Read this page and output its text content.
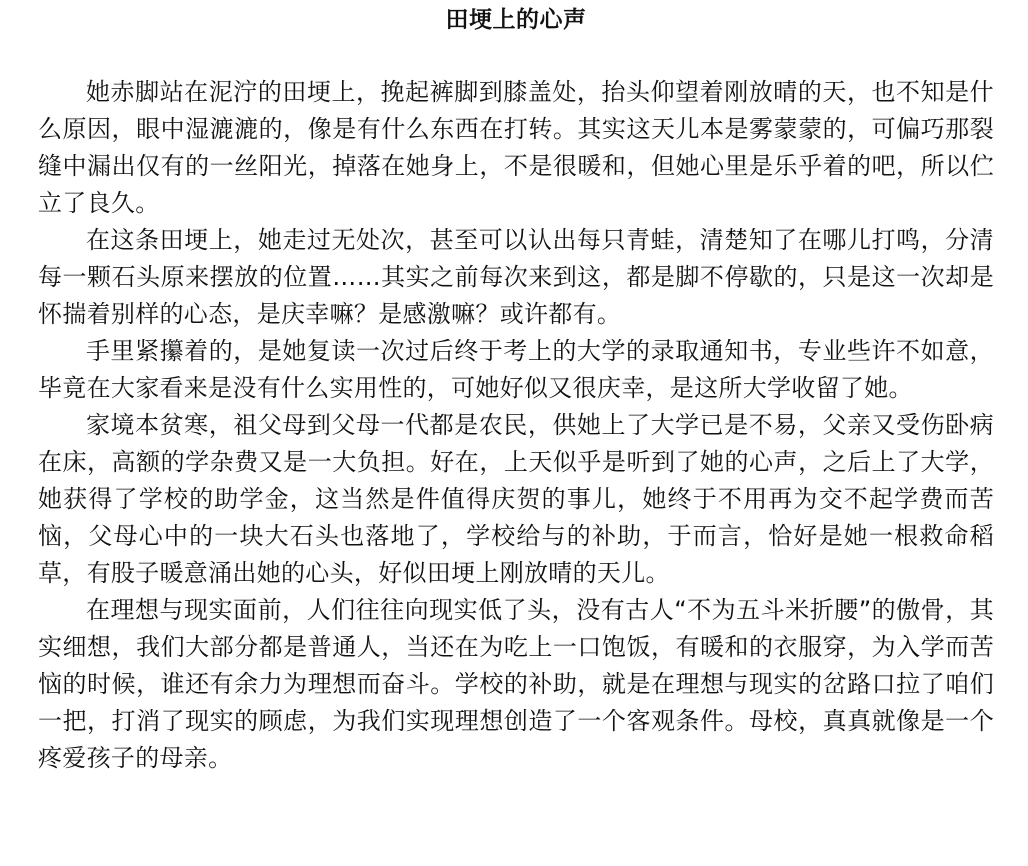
田埂上的心声

她赤脚站在泥泞的田埂上，挽起裤脚到膝盖处，抬头仰望着刚放晴的天，也不知是什么原因，眼中湿漉漉的，像是有什么东西在打转。其实这天儿本是雾蒙蒙的，可偏巧那裂缝中漏出仅有的一丝阳光，掉落在她身上，不是很暖和，但她心里是乐乎着的吧，所以伫立了良久。

在这条田埂上，她走过无处次，甚至可以认出每只青蛙，清楚知了在哪儿打鸣，分清每一颗石头原来摆放的位置……其实之前每次来到这，都是脚不停歇的，只是这一次却是怀揣着别样的心态，是庆幸嘛？是感激嘛？或许都有。

手里紧攥着的，是她复读一次过后终于考上的大学的录取通知书，专业些许不如意，毕竟在大家看来是没有什么实用性的，可她好似又很庆幸，是这所大学收留了她。

家境本贫寒，祖父母到父母一代都是农民，供她上了大学已是不易，父亲又受伤卧病在床，高额的学杂费又是一大负担。好在，上天似乎是听到了她的心声，之后上了大学，她获得了学校的助学金，这当然是件值得庆贺的事儿，她终于不用再为交不起学费而苦恼，父母心中的一块大石头也落地了，学校给与的补助，于而言，恰好是她一根救命稻草，有股子暖意涌出她的心头，好似田埂上刚放晴的天儿。

在理想与现实面前，人们往往向现实低了头，没有古人“不为五斗米折腰”的傲骨，其实细想，我们大部分都是普通人，当还在为吃上一口饱饭，有暖和的衣服穿，为入学而苦恼的时候，谁还有余力为理想而奋斗。学校的补助，就是在理想与现实的岔路口拉了咱们一把，打消了现实的顾虑，为我们实现理想创造了一个客观条件。母校，真真就像是一个疼爱孩子的母亲。
